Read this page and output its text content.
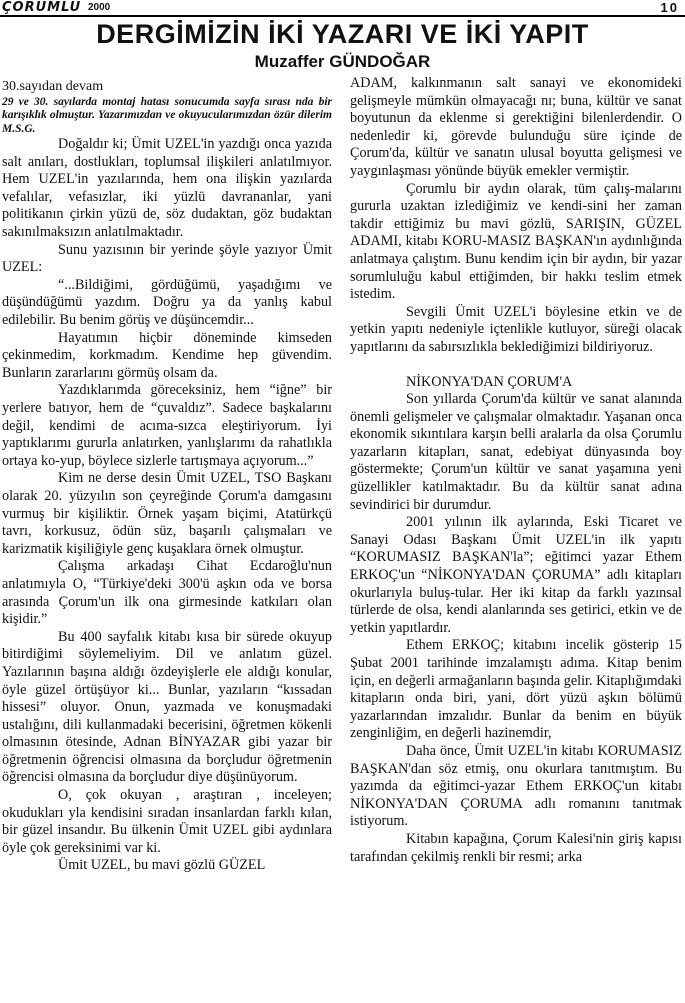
ÇORUMLU 2000	10
DERGİMİZİN İKİ YAZARI VE İKİ YAPIT
Muzaffer GÜNDOĞAR

30.sayıdan devam

29 ve 30. sayılarda montaj hatası sonucumda sayfa sırası nda bir karışıklık olmuştur. Yazarımızdan ve okuyucularımızdan özür dilerim M.S.G.

Doğaldır ki; Ümit UZEL'in yazdığı onca yazıda salt anıları, dostlukları, toplumsal ilişkileri anlatılmıyor. Hem UZEL'in yazılarında, hem ona ilişkin yazılarda vefalılar, vefasızlar, iki yüzlü davrananlar, yani politikanın çirkin yüzü de, söz dudaktan, göz budaktan sakınılmaksızın anlatılmaktadır.

Sunu yazısının bir yerinde şöyle yazıyor Ümit UZEL:

“...Bildiğimi, gördüğümü, yaşadığımı ve düşündüğümü yazdım. Doğru ya da yanlış kabul edilebilir. Bu benim görüş ve düşüncemdir...

Hayatımın hiçbir döneminde kimseden çekinmedim, korkmadım. Kendime hep güvendim. Bunların zararlarını görmüş olsam da.

Yazdıklarımda göreceksiniz, hem “iğne” bir yerlere batıyor, hem de “çuvaldız”. Sadece başkalarını değil, kendimi de acıma-sızca eleştiriyorum. İyi yaptıklarımı gururla anlatırken, yanlışlarımı da rahatlıkla ortaya ko-yup, böylece sizlerle tartışmaya açıyorum...”

Kim ne derse desin Ümit UZEL, TSO Başkanı olarak 20. yüzyılın son çeyreğinde Çorum'a damgasını vurmuş bir kişiliktir. Örnek yaşam biçimi, Atatürkçü tavrı, korkusuz, ödün süz, başarılı çalışmaları ve karizmatik kişiliğiyle genç kuşaklara örnek olmuştur.

Çalışma arkadaşı Cihat Ecdaroğlu'nun anlatımıyla O, “Türkiye'deki 300'ü aşkın oda ve borsa arasında Çorum'un ilk ona girmesinde katkıları olan kişidir.”

Bu 400 sayfalık kitabı kısa bir sürede okuyup bitirdiğimi söylemeliyim. Dil ve anlatım güzel. Yazılarının başına aldığı özdeyişlerle ele aldığı konular, öyle güzel örtüşüyor ki... Bunlar, yazıların “kıssadan hissesi” oluyor. Onun, yazmada ve konuşmadaki ustalığını, dili kullanmadaki becerisini, öğretmen kökenli olmasının ötesinde, Adnan BİNYAZAR gibi yazar bir öğretmenin öğrencisi olmasına da borçludur öğretmenin öğrencisi olmasına da borçludur diye düşünüyorum.

O, çok okuyan , araştıran , inceleyen; okudukları yla kendisini sıradan insanlardan farklı kılan, bir güzel insandır. Bu ülkenin Ümit UZEL gibi aydınlara öyle çok gereksinimi var ki.

Ümit UZEL, bu mavi gözlü GÜZEL

ADAM, kalkınmanın salt sanayi ve ekonomideki gelişmeyle mümkün olmayacağı nı; buna, kültür ve sanat boyutunun da eklenme si gerektiğini bilenlerdendir. O nedenledir ki, görevde bulunduğu süre içinde de Çorum'da, kültür ve sanatın ulusal boyutta gelişmesi ve yaygınlaşması yönünde büyük emekler vermiştir.

Çorumlu bir aydın olarak, tüm çalış-malarını gururla uzaktan izlediğimiz ve kendi-sini her zaman takdir ettiğimiz bu mavi gözlü, SARIŞIN, GÜZEL ADAMI, kitabı KORU-MASIZ BAŞKAN'ın aydınlığında anlatmaya çalıştım. Bunu kendim için bir aydın, bir yazar sorumluluğu kabul ettiğimden, bir hakkı teslim etmek istedim.

Sevgili Ümit UZEL'i böylesine etkin ve de yetkin yapıtı nedeniyle içtenlikle kutluyor, süreği olacak yapıtlarını da sabırsızlıkla beklediğimizi bildiriyoruz.

NİKONYA'DAN ÇORUM'A

Son yıllarda Çorum'da kültür ve sanat alanında önemli gelişmeler ve çalışmalar olmaktadır. Yaşanan onca ekonomik sıkıntılara karşın belli aralarla da olsa Çorumlu yazarların kitapları, sanat, edebiyat dünyasında boy göstermekte; Çorum'un kültür ve sanat yaşamına yeni güzellikler katılmaktadır. Bu da kültür sanat adına sevindirici bir durumdur.

2001 yılının ilk aylarında, Eski Ticaret ve Sanayi Odası Başkanı Ümit UZEL'in ilk yapıtı “KORUMASIZ BAŞKAN'la”; eğitimci yazar Ethem ERKOÇ'un “NİKONYA'DAN ÇORUMA” adlı kitapları okurlarıyla buluş-tular. Her iki kitap da farklı yazınsal türlerde de olsa, kendi alanlarında ses getirici, etkin ve de yetkin yapıtlardır.

Ethem ERKOÇ; kitabını incelik gösterip 15 Şubat 2001 tarihinde imzalamıştı adıma. Kitap benim için, en değerli armağanların başında gelir. Kitaplığımdaki kitapların onda biri, yani, dört yüzü aşkın bölümü yazarlarından imzalıdır. Bunlar da benim en büyük zenginliğim, en değerli hazinemdir,

Daha önce, Ümit UZEL'in kitabı KORUMASIZ BAŞKAN'dan söz etmiş, onu okurlara tanıtmıştım. Bu yazımda da eğitimci-yazar Ethem ERKOÇ'un kitabı NİKONYA'DAN ÇORUMA adlı romanını tanıtmak istiyorum.

Kitabın kapağına, Çorum Kalesi'nin giriş kapısı tarafından çekilmiş renkli bir resmi; arka
